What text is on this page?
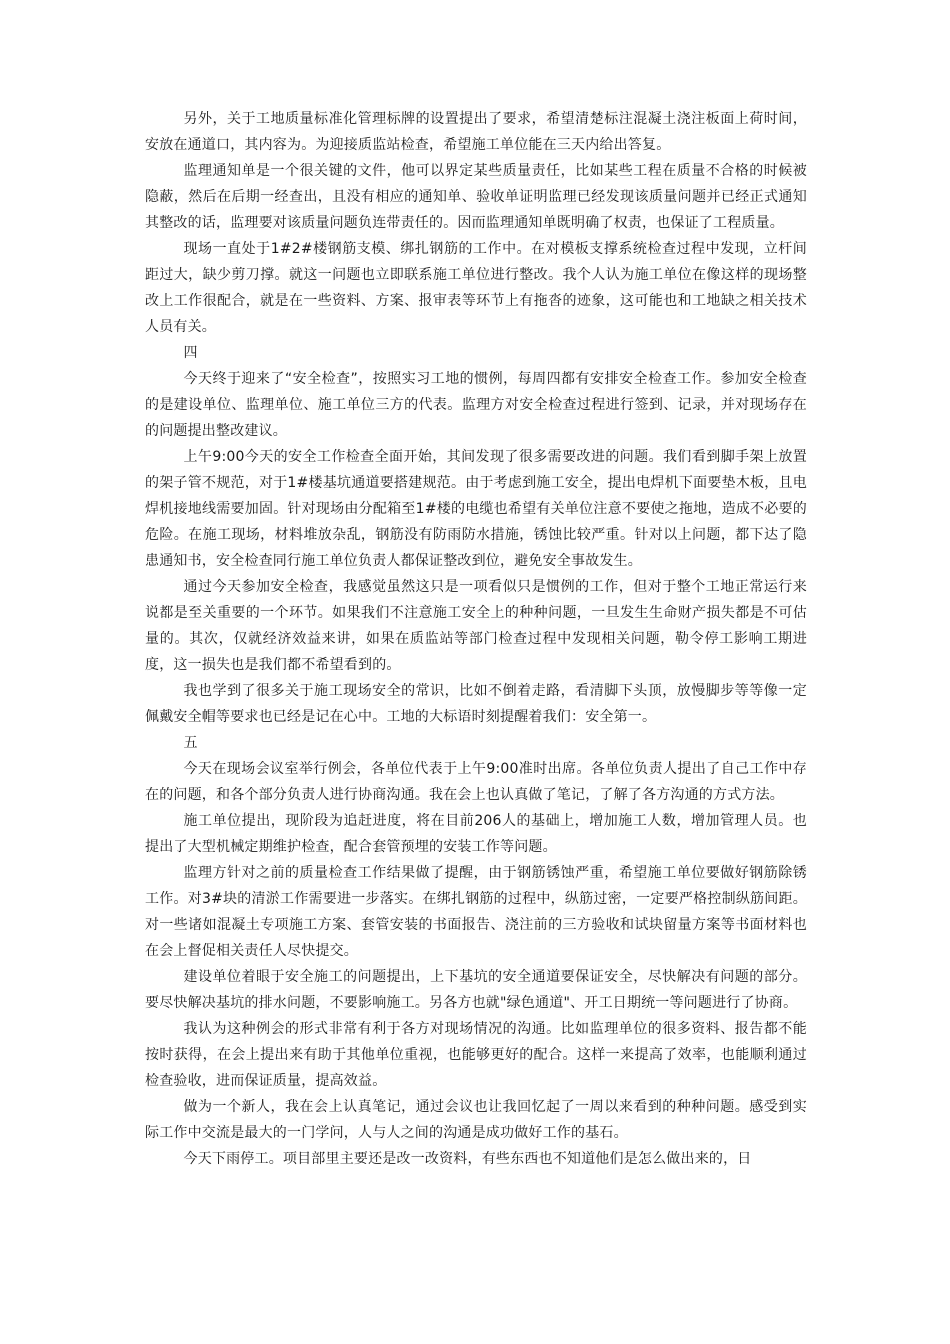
另外，关于工地质量标准化管理标牌的设置提出了要求，希望清楚标注混凝土浇注板面上荷时间，安放在通道口，其内容为。为迎接质监站检查，希望施工单位能在三天内给出答复。

监理通知单是一个很关键的文件，他可以界定某些质量责任，比如某些工程在质量不合格的时候被隐蔽，然后在后期一经查出，且没有相应的通知单、验收单证明监理已经发现该质量问题并已经正式通知其整改的话，监理要对该质量问题负连带责任的。因而监理通知单既明确了权责，也保证了工程质量。

现场一直处于1#2#楼钢筋支模、绑扎钢筋的工作中。在对模板支撑系统检查过程中发现，立杆间距过大，缺少剪刀撑。就这一问题也立即联系施工单位进行整改。我个人认为施工单位在像这样的现场整改上工作很配合，就是在一些资料、方案、报审表等环节上有拖沓的迹象，这可能也和工地缺之相关技术人员有关。

四

今天终于迎来了“安全检查”，按照实习工地的惯例，每周四都有安排安全检查工作。参加安全检查的是建设单位、监理单位、施工单位三方的代表。监理方对安全检查过程进行签到、记录，并对现场存在的问题提出整改建议。

上午9:00今天的安全工作检查全面开始，其间发现了很多需要改进的问题。我们看到脚手架上放置的架子管不规范，对于1#楼基坑通道要搭建规范。由于考虑到施工安全，提出电焊机下面要垫木板，且电焊机接地线需要加固。针对现场由分配箱至1#楼的电缆也希望有关单位注意不要使之拖地，造成不必要的危险。在施工现场，材料堆放杂乱，钢筋没有防雨防水措施，锈蚀比较严重。针对以上问题，都下达了隐患通知书，安全检查同行施工单位负责人都保证整改到位，避免安全事故发生。

通过今天参加安全检查，我感觉虽然这只是一项看似只是惯例的工作，但对于整个工地正常运行来说都是至关重要的一个环节。如果我们不注意施工安全上的种种问题，一旦发生生命财产损失都是不可估量的。其次，仅就经济效益来讲，如果在质监站等部门检查过程中发现相关问题，勒令停工影响工期进度，这一损失也是我们都不希望看到的。

我也学到了很多关于施工现场安全的常识，比如不倒着走路，看清脚下头顶，放慢脚步等等像一定佩戴安全帽等要求也已经是记在心中。工地的大标语时刻提醒着我们：安全第一。

五

今天在现场会议室举行例会，各单位代表于上午9:00准时出席。各单位负责人提出了自己工作中存在的问题，和各个部分负责人进行协商沟通。我在会上也认真做了笔记，了解了各方沟通的方式方法。

施工单位提出，现阶段为追赶进度，将在目前206人的基础上，增加施工人数，增加管理人员。也提出了大型机械定期维护检查，配合套管预埋的安装工作等问题。

监理方针对之前的质量检查工作结果做了提醒，由于钢筋锈蚀严重，希望施工单位要做好钢筋除锈工作。对3#块的清淤工作需要进一步落实。在绑扎钢筋的过程中，纵筋过密，一定要严格控制纵筋间距。对一些诸如混凝土专项施工方案、套管安装的书面报告、浇注前的三方验收和试块留量方案等书面材料也在会上督促相关责任人尽快提交。

建设单位着眼于安全施工的问题提出，上下基坑的安全通道要保证安全，尽快解决有问题的部分。要尽快解决基坑的排水问题，不要影响施工。另各方也就"绿色通道"、开工日期统一等问题进行了协商。

我认为这种例会的形式非常有利于各方对现场情况的沟通。比如监理单位的很多资料、报告都不能按时获得，在会上提出来有助于其他单位重视，也能够更好的配合。这样一来提高了效率，也能顺利通过检查验收，进而保证质量，提高效益。

做为一个新人，我在会上认真笔记，通过会议也让我回忆起了一周以来看到的种种问题。感受到实际工作中交流是最大的一门学问，人与人之间的沟通是成功做好工作的基石。

今天下雨停工。项目部里主要还是改一改资料，有些东西也不知道他们是怎么做出来的，日
